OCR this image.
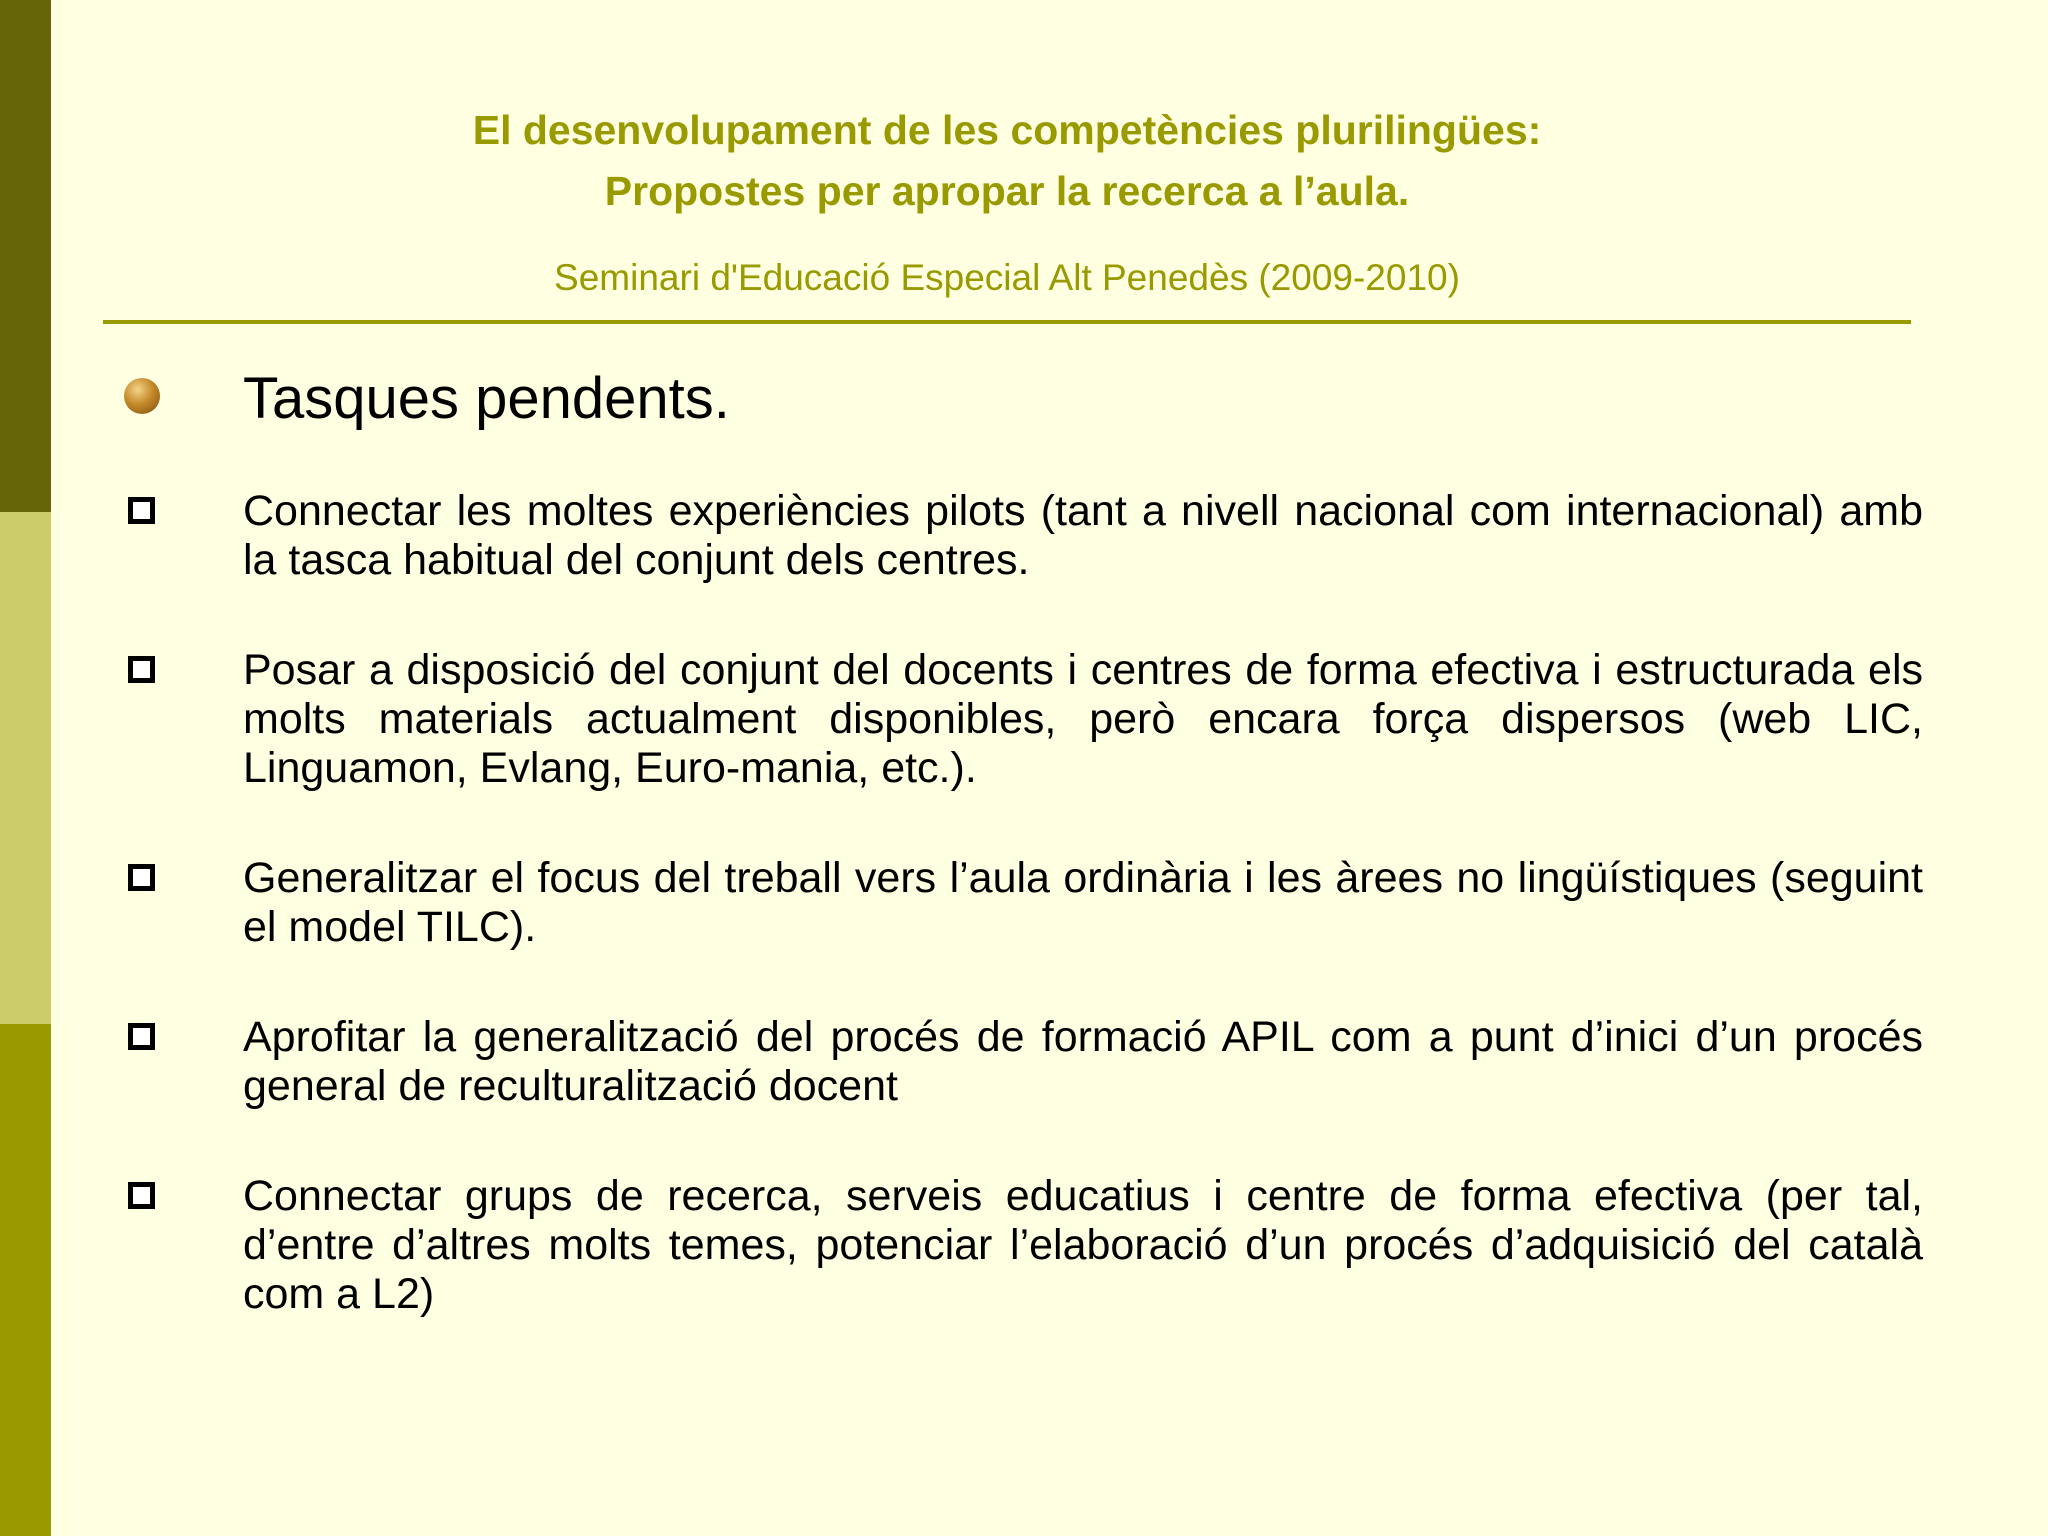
El desenvolupament de les competències plurilingües:
Propostes per apropar la recerca a l’aula.
Seminari d'Educació Especial Alt Penedès (2009-2010)
Tasques pendents.
Connectar les moltes experiències pilots (tant a nivell nacional com internacional) amb la tasca habitual del conjunt dels centres.
Posar a disposició del conjunt del docents i centres de forma efectiva i estructurada els molts materials actualment disponibles, però encara força dispersos (web LIC, Linguamon, Evlang, Euro-mania, etc.).
Generalitzar el focus del treball vers l’aula ordinària i les àrees no lingüístiques (seguint el model TILC).
Aprofitar la generalització del procés de formació APIL com a punt d’inici d’un procés general de reculturalització docent
Connectar grups de recerca, serveis educatius i centre de forma efectiva (per tal, d’entre d’altres molts temes, potenciar l’elaboració d’un procés d’adquisició del català com a L2)
